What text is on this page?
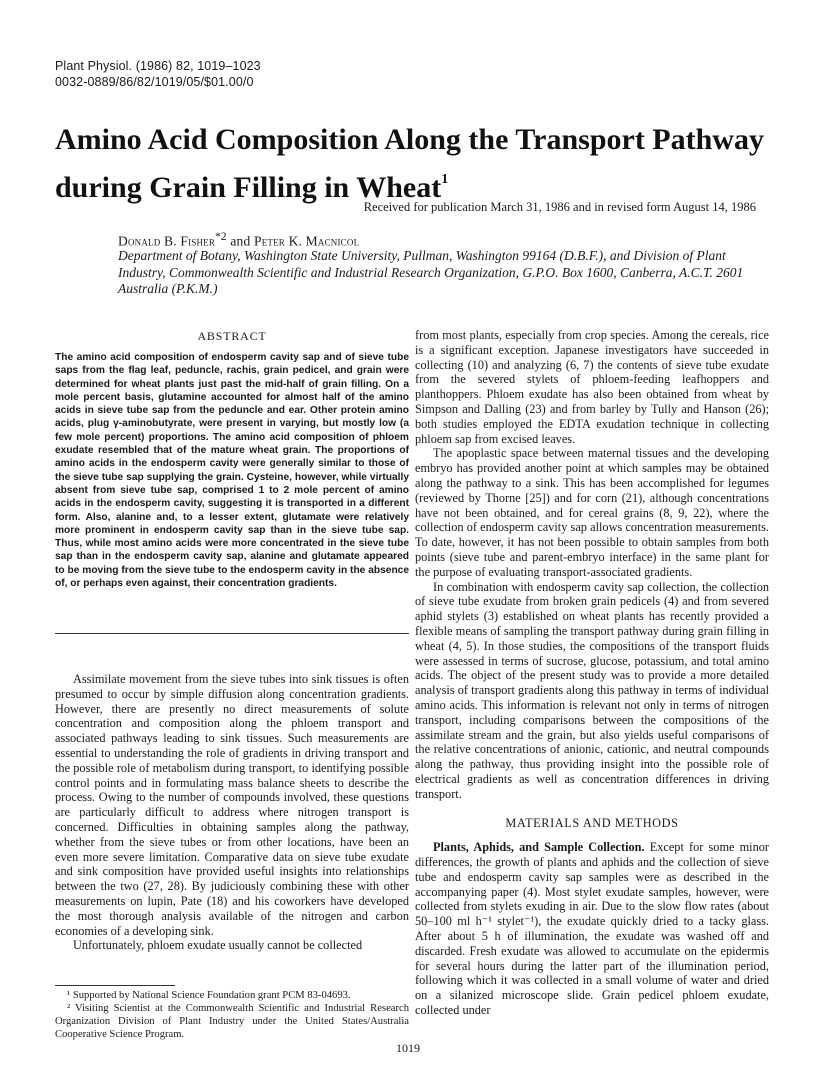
Plant Physiol. (1986) 82, 1019–1023
0032-0889/86/82/1019/05/$01.00/0
Amino Acid Composition Along the Transport Pathway during Grain Filling in Wheat$^1$
Received for publication March 31, 1986 and in revised form August 14, 1986
Donald B. Fisher$^{*2}$ and Peter K. Macnicol

Department of Botany, Washington State University, Pullman, Washington 99164 (D.B.F.), and Division of Plant Industry, Commonwealth Scientific and Industrial Research Organization, G.P.O. Box 1600, Canberra, A.C.T. 2601 Australia (P.K.M.)

ABSTRACT

The amino acid composition of endosperm cavity sap and of sieve tube saps from the flag leaf, peduncle, rachis, grain pedicel, and grain were determined for wheat plants just past the mid-half of grain filling. On a mole percent basis, glutamine accounted for almost half of the amino acids in sieve tube sap from the peduncle and ear. Other protein amino acids, plug γ-aminobutyrate, were present in varying, but mostly low (a few mole percent) proportions. The amino acid composition of phloem exudate resembled that of the mature wheat grain. The proportions of amino acids in the endosperm cavity were generally similar to those of the sieve tube sap supplying the grain. Cysteine, however, while virtually absent from sieve tube sap, comprised 1 to 2 mole percent of amino acids in the endosperm cavity, suggesting it is transported in a different form. Also, alanine and, to a lesser extent, glutamate were relatively more prominent in endosperm cavity sap than in the sieve tube sap. Thus, while most amino acids were more concentrated in the sieve tube sap than in the endosperm cavity sap, alanine and glutamate appeared to be moving from the sieve tube to the endosperm cavity in the absence of, or perhaps even against, their concentration gradients.

Assimilate movement from the sieve tubes into sink tissues is often presumed to occur by simple diffusion along concentration gradients. However, there are presently no direct measurements of solute concentration and composition along the phloem transport and associated pathways leading to sink tissues. Such measurements are essential to understanding the role of gradients in driving transport and the possible role of metabolism during transport, to identifying possible control points and in formulating mass balance sheets to describe the process. Owing to the number of compounds involved, these questions are particularly difficult to address where nitrogen transport is concerned. Difficulties in obtaining samples along the pathway, whether from the sieve tubes or from other locations, have been an even more severe limitation. Comparative data on sieve tube exudate and sink composition have provided useful insights into relationships between the two (27, 28). By judiciously combining these with other measurements on lupin, Pate (18) and his coworkers have developed the most thorough analysis available of the nitrogen and carbon economies of a developing sink.

Unfortunately, phloem exudate usually cannot be collected

¹ Supported by National Science Foundation grant PCM 83-04693.

² Visiting Scientist at the Commonwealth Scientific and Industrial Research Organization Division of Plant Industry under the United States/Australia Cooperative Science Program.

from most plants, especially from crop species. Among the cereals, rice is a significant exception. Japanese investigators have succeeded in collecting (10) and analyzing (6, 7) the contents of sieve tube exudate from the severed stylets of phloem-feeding leafhoppers and planthoppers. Phloem exudate has also been obtained from wheat by Simpson and Dalling (23) and from barley by Tully and Hanson (26); both studies employed the EDTA exudation technique in collecting phloem sap from excised leaves.

The apoplastic space between maternal tissues and the developing embryo has provided another point at which samples may be obtained along the pathway to a sink. This has been accomplished for legumes (reviewed by Thorne [25]) and for corn (21), although concentrations have not been obtained, and for cereal grains (8, 9, 22), where the collection of endosperm cavity sap allows concentration measurements. To date, however, it has not been possible to obtain samples from both points (sieve tube and parent-embryo interface) in the same plant for the purpose of evaluating transport-associated gradients.

In combination with endosperm cavity sap collection, the collection of sieve tube exudate from broken grain pedicels (4) and from severed aphid stylets (3) established on wheat plants has recently provided a flexible means of sampling the transport pathway during grain filling in wheat (4, 5). In those studies, the compositions of the transport fluids were assessed in terms of sucrose, glucose, potassium, and total amino acids. The object of the present study was to provide a more detailed analysis of transport gradients along this pathway in terms of individual amino acids. This information is relevant not only in terms of nitrogen transport, including comparisons between the compositions of the assimilate stream and the grain, but also yields useful comparisons of the relative concentrations of anionic, cationic, and neutral compounds along the pathway, thus providing insight into the possible role of electrical gradients as well as concentration differences in driving transport.

MATERIALS AND METHODS

Plants, Aphids, and Sample Collection. Except for some minor differences, the growth of plants and aphids and the collection of sieve tube and endosperm cavity sap samples were as described in the accompanying paper (4). Most stylet exudate samples, however, were collected from stylets exuding in air. Due to the slow flow rates (about 50–100 ml h⁻¹ stylet⁻¹), the exudate quickly dried to a tacky glass. After about 5 h of illumination, the exudate was washed off and discarded. Fresh exudate was allowed to accumulate on the epidermis for several hours during the latter part of the illumination period, following which it was collected in a small volume of water and dried on a silanized microscope slide. Grain pedicel phloem exudate, collected under

1019
